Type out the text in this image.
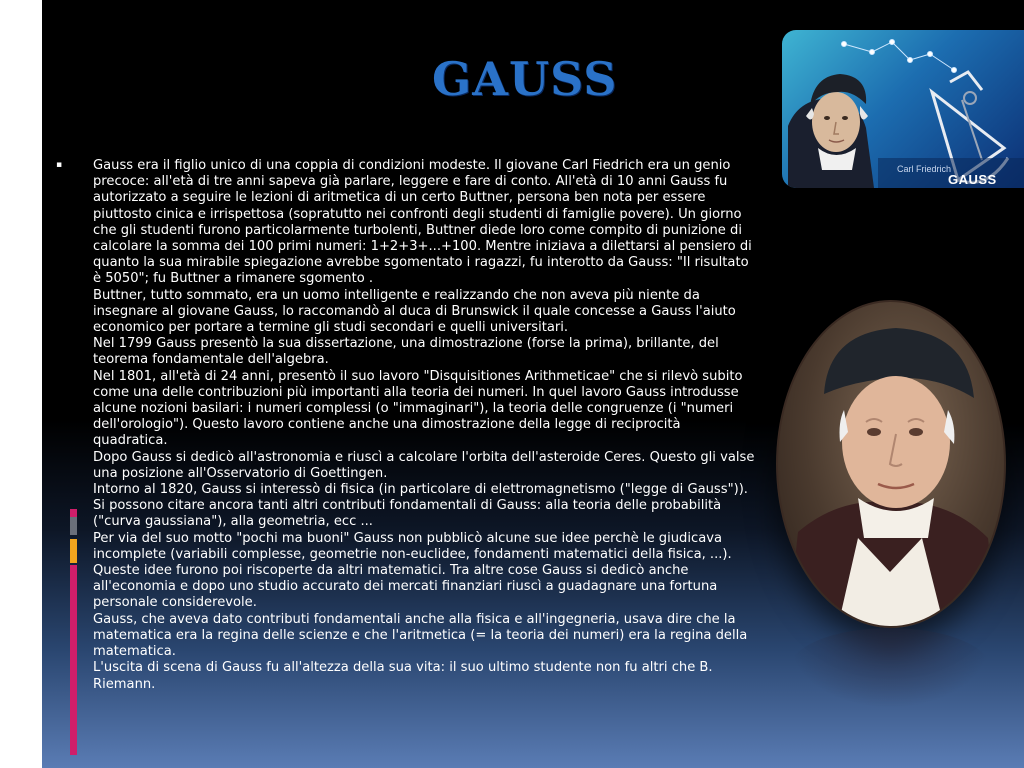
GAUSS
▪ Gauss era il figlio unico di una coppia di condizioni modeste. Il giovane Carl Fiedrich era un genio precoce: all'età di tre anni sapeva già parlare, leggere e fare di conto. All'età di 10 anni Gauss fu autorizzato a seguire le lezioni di aritmetica di un certo Buttner, persona ben nota per essere piuttosto cinica e irrispettosa (sopratutto nei confronti degli studenti di famiglie povere). Un giorno che gli studenti furono particolarmente turbolenti, Buttner diede loro come compito di punizione di calcolare la somma dei 100 primi numeri: 1+2+3+...+100. Mentre iniziava a dilettarsi al pensiero di quanto la sua mirabile spiegazione avrebbe sgomentato i ragazzi, fu interotto da Gauss: "Il risultato è 5050"; fu Buttner a rimanere sgomento .
Buttner, tutto sommato, era un uomo intelligente e realizzando che non aveva più niente da insegnare al giovane Gauss, lo raccomandò al duca di Brunswick il quale concesse a Gauss l'aiuto economico per portare a termine gli studi secondari e quelli universitari.
Nel 1799 Gauss presentò la sua dissertazione, una dimostrazione (forse la prima), brillante, del teorema fondamentale dell'algebra.
Nel 1801, all'età di 24 anni, presentò il suo lavoro "Disquisitiones Arithmeticae" che si rilevò subito come una delle contribuzioni più importanti alla teoria dei numeri. In quel lavoro Gauss introdusse alcune nozioni basilari: i numeri complessi (o "immaginari"), la teoria delle congruenze (i "numeri dell'orologio"). Questo lavoro contiene anche una dimostrazione della legge di reciprocità quadratica.
Dopo Gauss si dedicò all'astronomia e riuscì a calcolare l'orbita dell'asteroide Ceres. Questo gli valse una posizione all'Osservatorio di Goettingen.
Intorno al 1820, Gauss si interessò di fisica (in particolare di elettromagnetismo ("legge di Gauss")).
Si possono citare ancora tanti altri contributi fondamentali di Gauss: alla teoria delle probabilità ("curva gaussiana"), alla geometria, ecc ...
Per via del suo motto "pochi ma buoni" Gauss non pubblicò alcune sue idee perchè le giudicava incomplete (variabili complesse, geometrie non-euclidee, fondamenti matematici della fisica, ...). Queste idee furono poi riscoperte da altri matematici. Tra altre cose Gauss si dedicò anche all'economia e dopo uno studio accurato dei mercati finanziari riuscì a guadagnare una fortuna personale considerevole.
Gauss, che aveva dato contributi fondamentali anche alla fisica e all'ingegneria, usava dire che la matematica era la regina delle scienze e che l'aritmetica (= la teoria dei numeri) era la regina della matematica.
L'uscita di scena di Gauss fu all'altezza della sua vita: il suo ultimo studente non fu altri che B. Riemann.

Carl Friedrich

GAUSS
